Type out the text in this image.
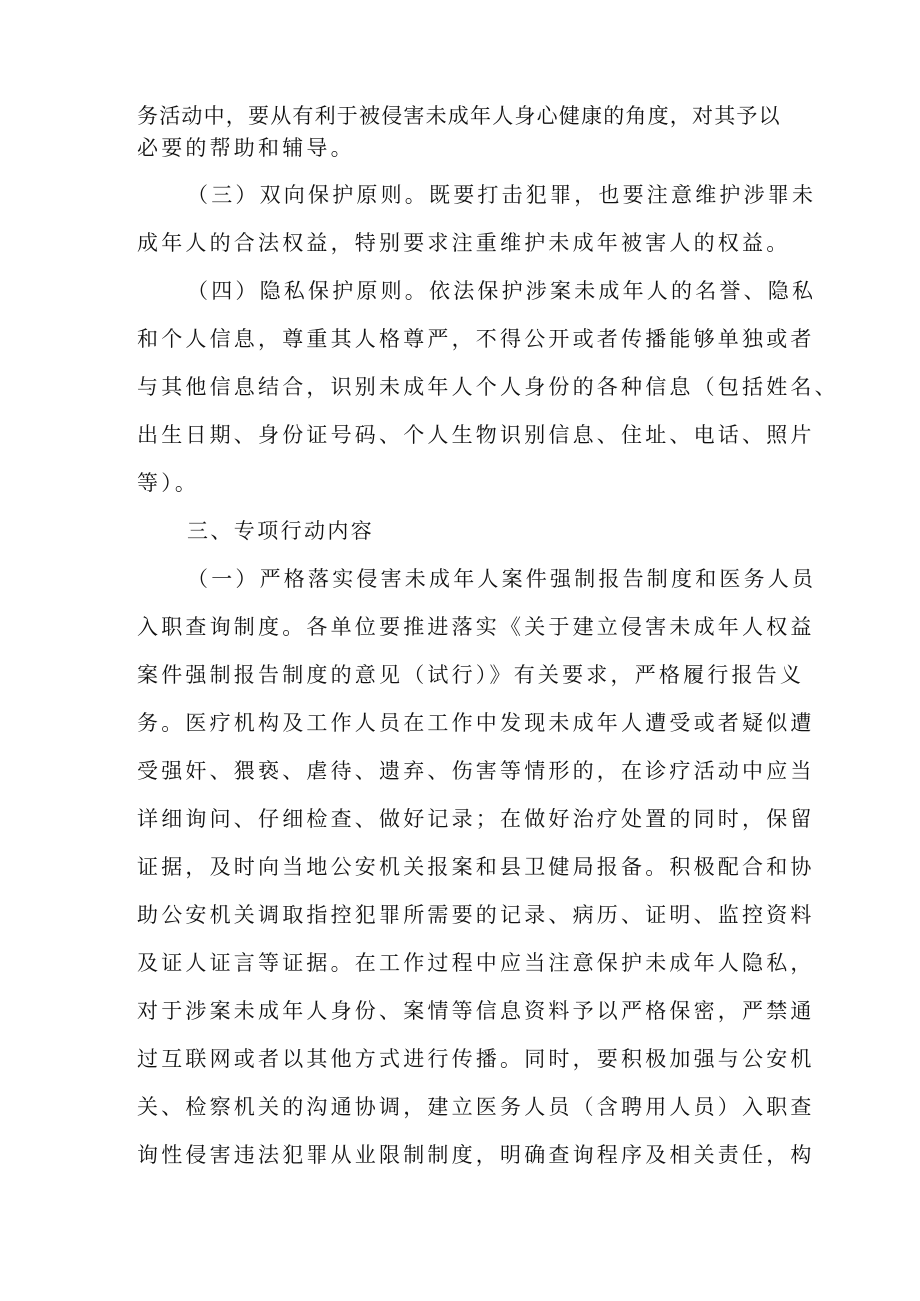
务活动中，要从有利于被侵害未成年人身心健康的角度，对其予以
必要的帮助和辅导。
（三）双向保护原则。既要打击犯罪，也要注意维护涉罪未
成年人的合法权益，特别要求注重维护未成年被害人的权益。
（四）隐私保护原则。依法保护涉案未成年人的名誉、隐私
和个人信息，尊重其人格尊严，不得公开或者传播能够单独或者
与其他信息结合，识别未成年人个人身份的各种信息（包括姓名、
出生日期、身份证号码、个人生物识别信息、住址、电话、照片
等）。
三、专项行动内容
（一）严格落实侵害未成年人案件强制报告制度和医务人员
入职查询制度。各单位要推进落实《关于建立侵害未成年人权益
案件强制报告制度的意见（试行）》有关要求，严格履行报告义
务。医疗机构及工作人员在工作中发现未成年人遭受或者疑似遭
受强奸、猥亵、虐待、遗弃、伤害等情形的，在诊疗活动中应当
详细询问、仔细检查、做好记录；在做好治疗处置的同时，保留
证据，及时向当地公安机关报案和县卫健局报备。积极配合和协
助公安机关调取指控犯罪所需要的记录、病历、证明、监控资料
及证人证言等证据。在工作过程中应当注意保护未成年人隐私，
对于涉案未成年人身份、案情等信息资料予以严格保密，严禁通
过互联网或者以其他方式进行传播。同时，要积极加强与公安机
关、检察机关的沟通协调，建立医务人员（含聘用人员）入职查
询性侵害违法犯罪从业限制制度，明确查询程序及相关责任，构
